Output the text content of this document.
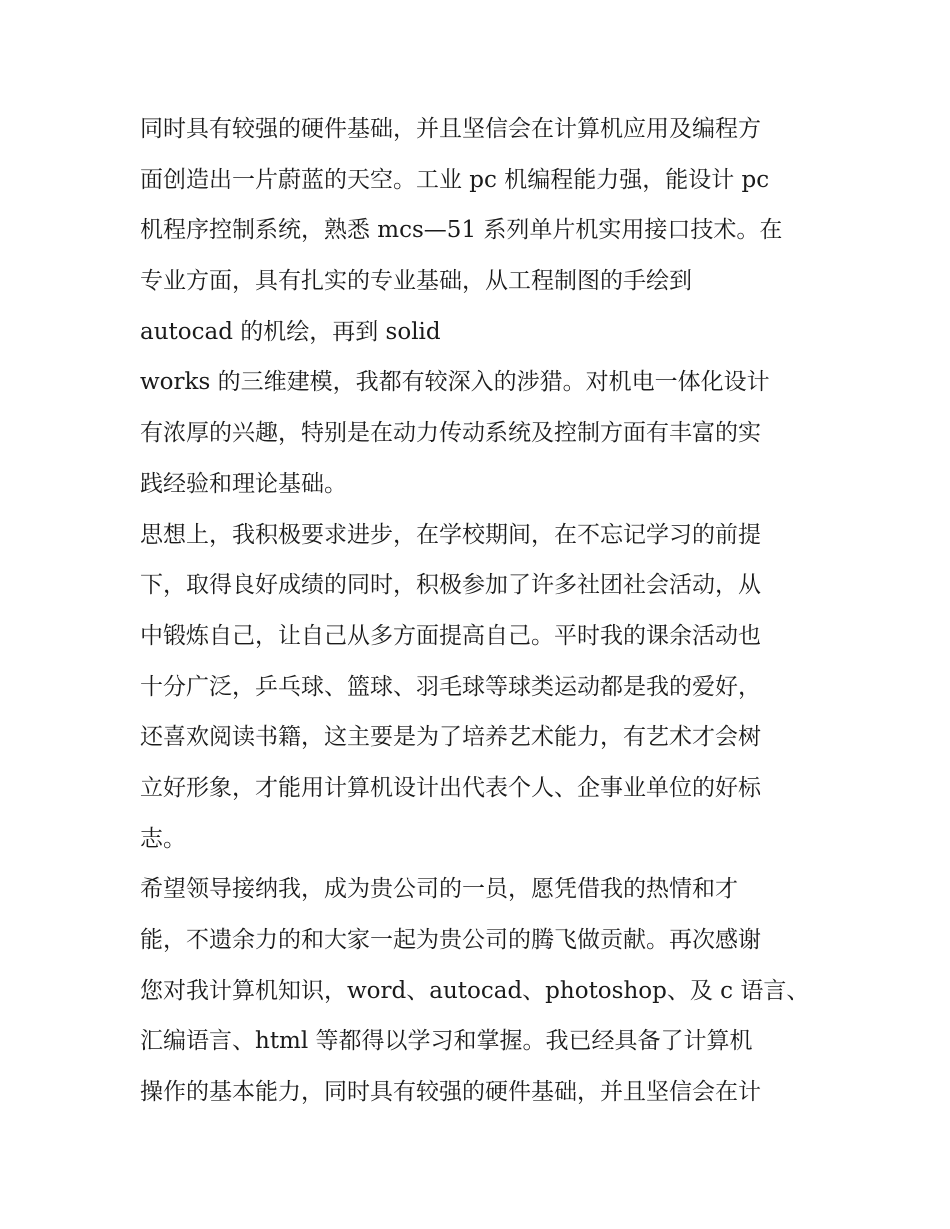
同时具有较强的硬件基础，并且坚信会在计算机应用及编程方
面创造出一片蔚蓝的天空。工业 pc 机编程能力强，能设计 pc
机程序控制系统，熟悉 mcs—51 系列单片机实用接口技术。在
专业方面，具有扎实的专业基础，从工程制图的手绘到
autocad 的机绘，再到 solid
works 的三维建模，我都有较深入的涉猎。对机电一体化设计
有浓厚的兴趣，特别是在动力传动系统及控制方面有丰富的实
践经验和理论基础。
思想上，我积极要求进步，在学校期间，在不忘记学习的前提
下，取得良好成绩的同时，积极参加了许多社团社会活动，从
中锻炼自己，让自己从多方面提高自己。平时我的课余活动也
十分广泛，乒乓球、篮球、羽毛球等球类运动都是我的爱好，
还喜欢阅读书籍，这主要是为了培养艺术能力，有艺术才会树
立好形象，才能用计算机设计出代表个人、企事业单位的好标
志。
希望领导接纳我，成为贵公司的一员，愿凭借我的热情和才
能，不遗余力的和大家一起为贵公司的腾飞做贡献。再次感谢
您对我计算机知识，word、autocad、photoshop、及 c 语言、
汇编语言、html 等都得以学习和掌握。我已经具备了计算机
操作的基本能力，同时具有较强的硬件基础，并且坚信会在计
